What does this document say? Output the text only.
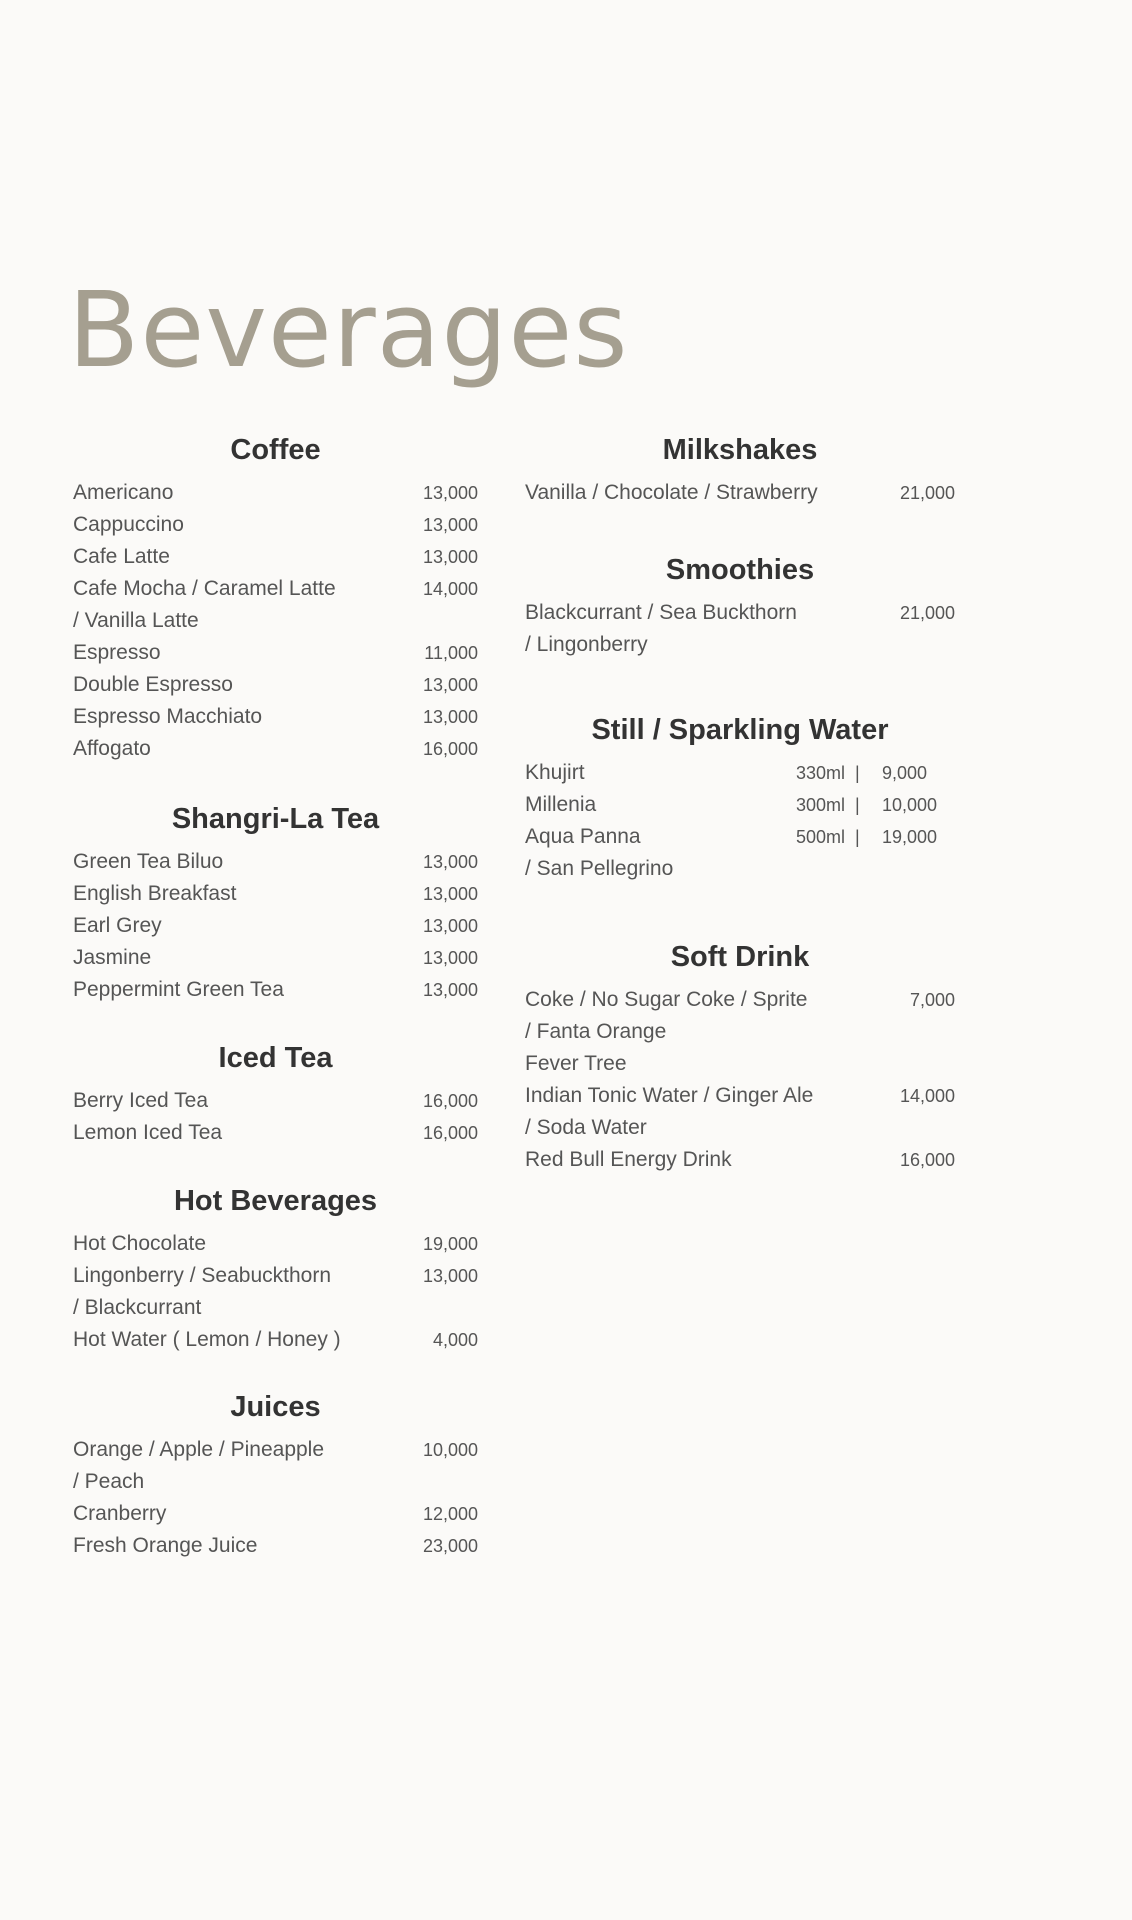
Beverages
Coffee
Americano	13,000
Cappuccino	13,000
Cafe Latte	13,000
Cafe Mocha / Caramel Latte	14,000
/ Vanilla Latte
Espresso	11,000
Double Espresso	13,000
Espresso Macchiato	13,000
Affogato	16,000
Shangri-La Tea
Green Tea Biluo	13,000
English Breakfast	13,000
Earl Grey	13,000
Jasmine	13,000
Peppermint Green Tea	13,000
Iced Tea
Berry Iced Tea	16,000
Lemon Iced Tea	16,000
Hot Beverages
Hot Chocolate	19,000
Lingonberry / Seabuckthorn	13,000
/ Blackcurrant
Hot Water ( Lemon / Honey )	4,000
Juices
Orange / Apple / Pineapple	10,000
/ Peach
Cranberry	12,000
Fresh Orange Juice	23,000
Milkshakes
Vanilla / Chocolate / Strawberry	21,000
Smoothies
Blackcurrant / Sea Buckthorn	21,000
/ Lingonberry
Still / Sparkling Water
Khujirt	330ml | 9,000
Millenia	300ml | 10,000
Aqua Panna	500ml | 19,000
/ San Pellegrino
Soft Drink
Coke / No Sugar Coke / Sprite	7,000
/ Fanta Orange
Fever Tree
Indian Tonic Water / Ginger Ale	14,000
/ Soda Water
Red Bull Energy Drink	16,000
